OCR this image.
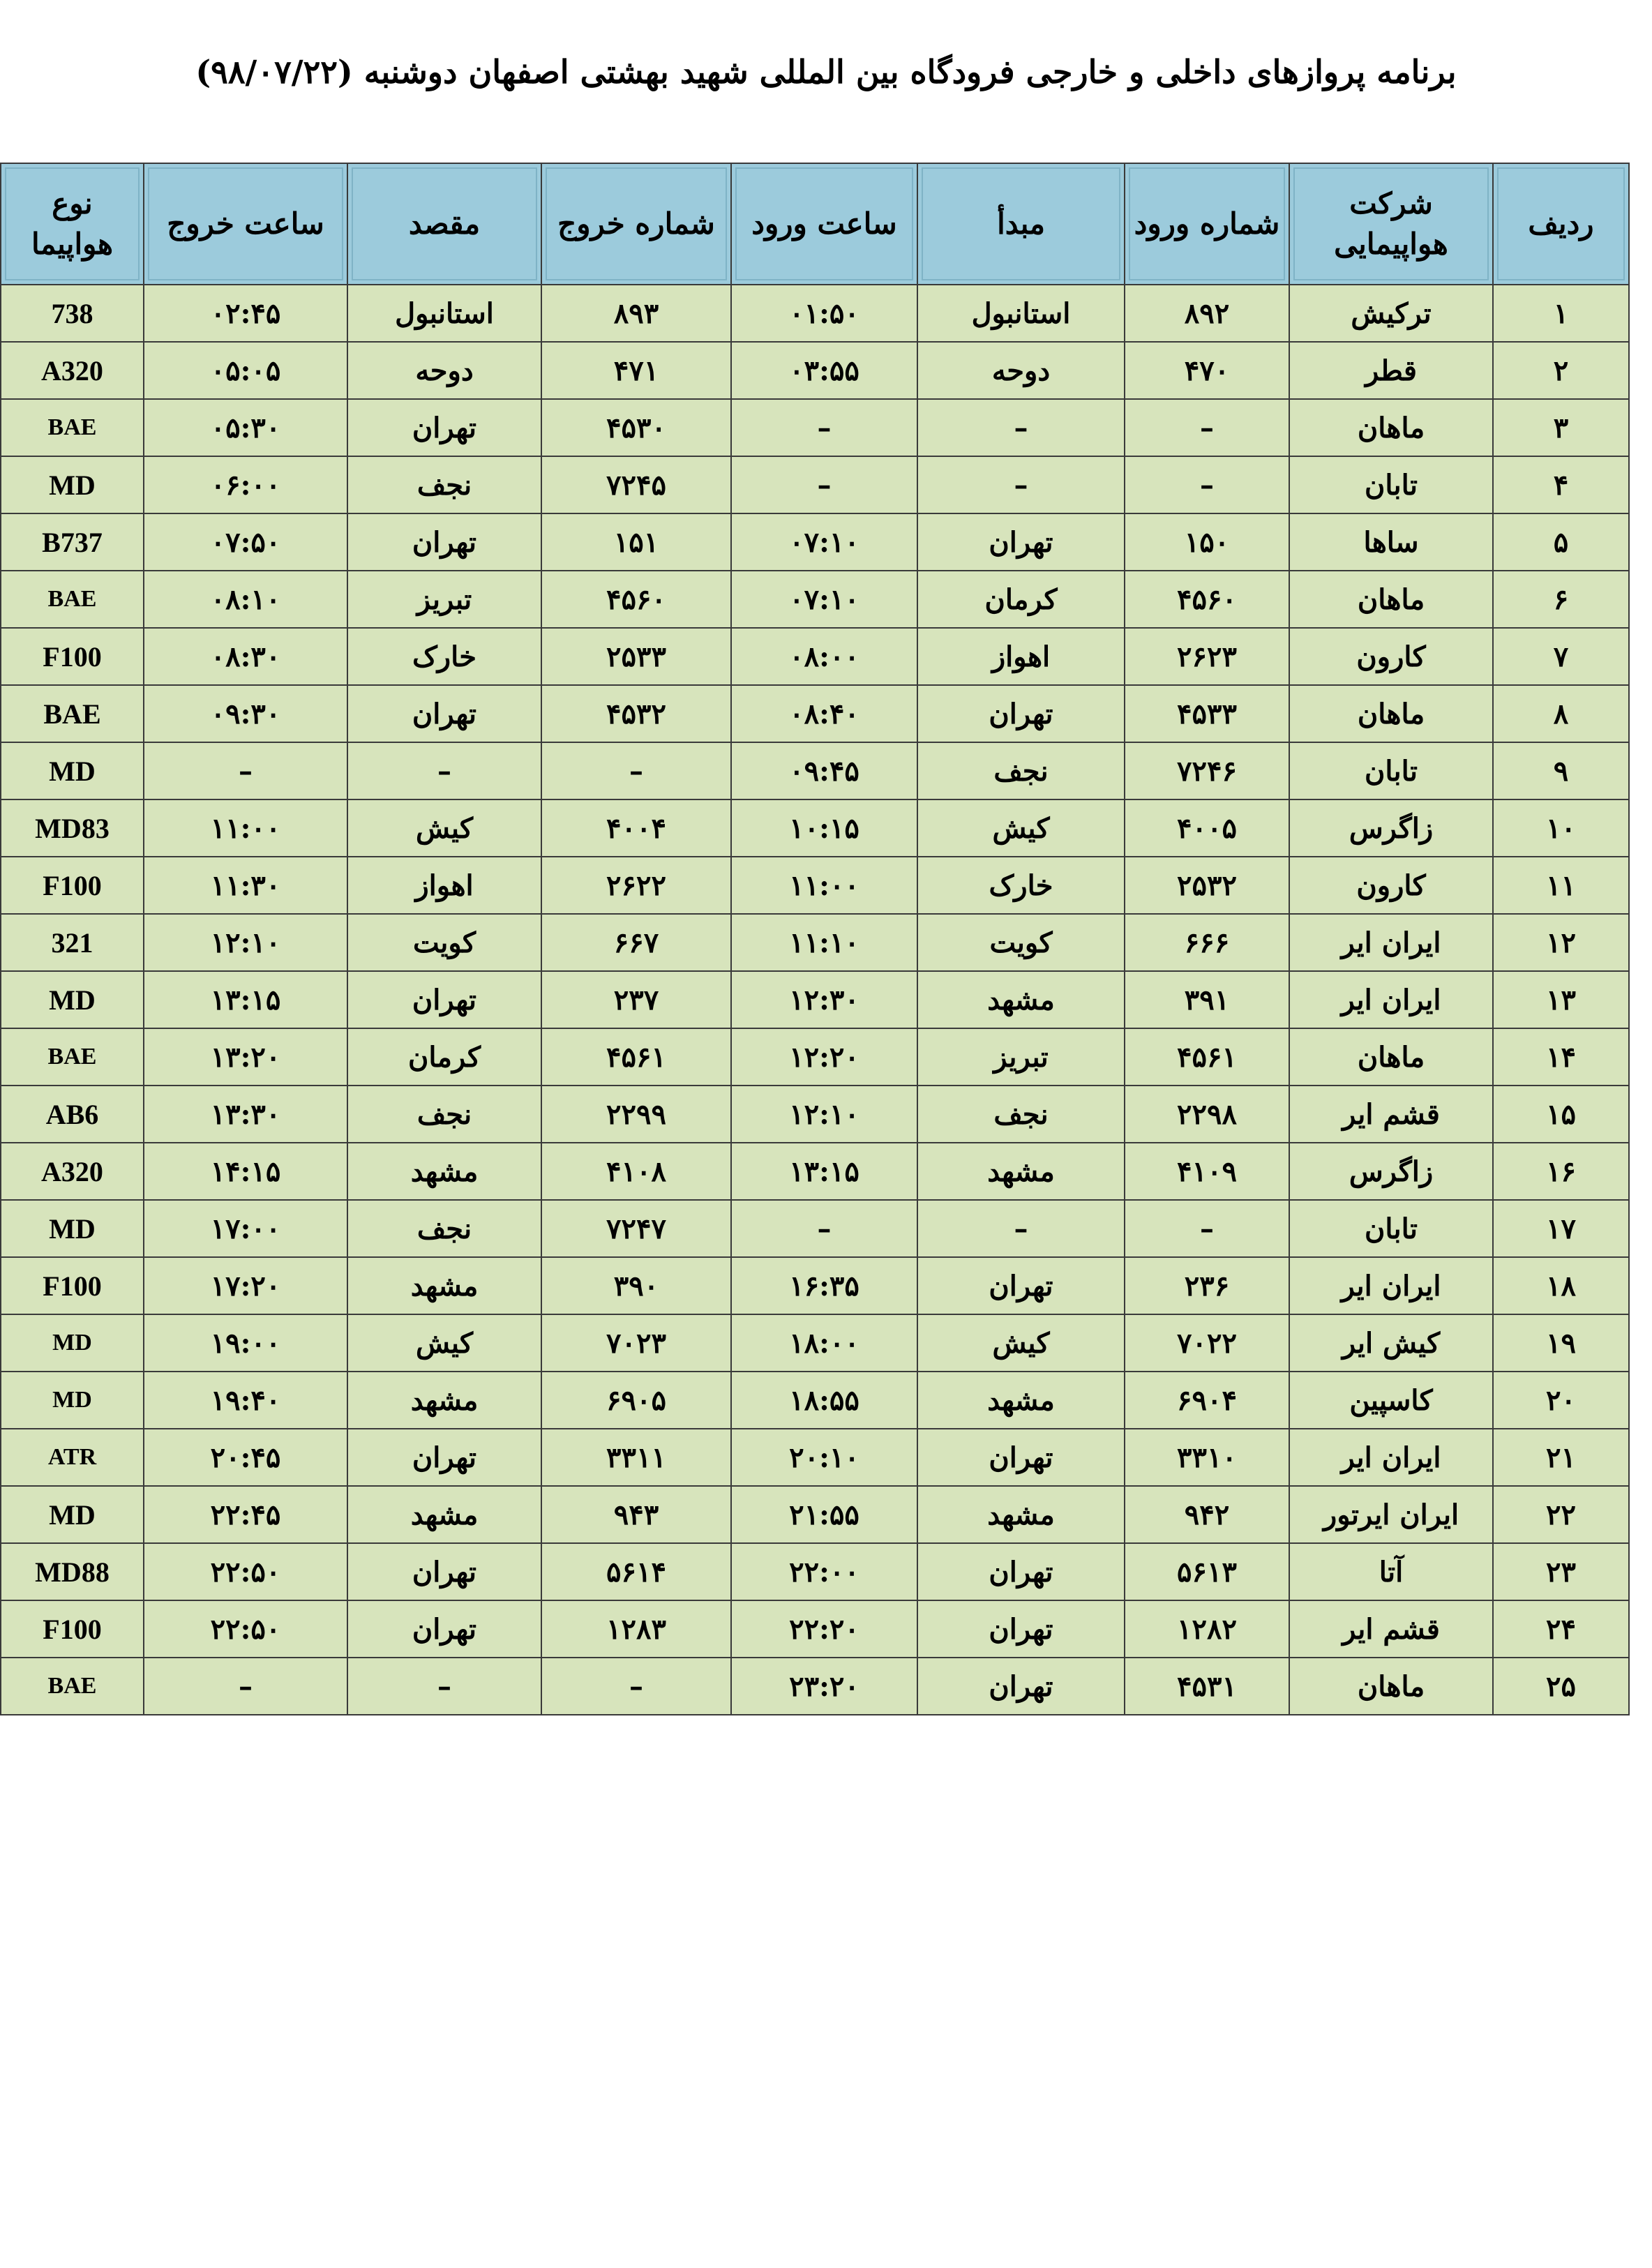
برنامه پروازهای داخلی و خارجی فرودگاه بین المللی شهید بهشتی اصفهان دوشنبه (۹۸/۰۷/۲۲)
ردیف	شرکت هواپیمایی	شماره ورود	مبدأ	ساعت ورود	شماره خروج	مقصد	ساعت خروج	نوع هواپیما

۱	ترکیش	۸۹۲	استانبول	۰۱:۵۰	۸۹۳	استانبول	۰۲:۴۵	738
۲	قطر	۴۷۰	دوحه	۰۳:۵۵	۴۷۱	دوحه	۰۵:۰۵	A320
۳	ماهان	–	–	–	۴۵۳۰	تهران	۰۵:۳۰	BAE
۴	تابان	–	–	–	۷۲۴۵	نجف	۰۶:۰۰	MD
۵	ساها	۱۵۰	تهران	۰۷:۱۰	۱۵۱	تهران	۰۷:۵۰	B737
۶	ماهان	۴۵۶۰	کرمان	۰۷:۱۰	۴۵۶۰	تبریز	۰۸:۱۰	BAE
۷	کارون	۲۶۲۳	اهواز	۰۸:۰۰	۲۵۳۳	خارک	۰۸:۳۰	F100
۸	ماهان	۴۵۳۳	تهران	۰۸:۴۰	۴۵۳۲	تهران	۰۹:۳۰	BAE
۹	تابان	۷۲۴۶	نجف	۰۹:۴۵	–	–	–	MD
۱۰	زاگرس	۴۰۰۵	کیش	۱۰:۱۵	۴۰۰۴	کیش	۱۱:۰۰	MD83
۱۱	کارون	۲۵۳۲	خارک	۱۱:۰۰	۲۶۲۲	اهواز	۱۱:۳۰	F100
۱۲	ایران ایر	۶۶۶	کویت	۱۱:۱۰	۶۶۷	کویت	۱۲:۱۰	321
۱۳	ایران ایر	۳۹۱	مشهد	۱۲:۳۰	۲۳۷	تهران	۱۳:۱۵	MD
۱۴	ماهان	۴۵۶۱	تبریز	۱۲:۲۰	۴۵۶۱	کرمان	۱۳:۲۰	BAE
۱۵	قشم ایر	۲۲۹۸	نجف	۱۲:۱۰	۲۲۹۹	نجف	۱۳:۳۰	AB6
۱۶	زاگرس	۴۱۰۹	مشهد	۱۳:۱۵	۴۱۰۸	مشهد	۱۴:۱۵	A320
۱۷	تابان	–	–	–	۷۲۴۷	نجف	۱۷:۰۰	MD
۱۸	ایران ایر	۲۳۶	تهران	۱۶:۳۵	۳۹۰	مشهد	۱۷:۲۰	F100
۱۹	کیش ایر	۷۰۲۲	کیش	۱۸:۰۰	۷۰۲۳	کیش	۱۹:۰۰	MD
۲۰	کاسپین	۶۹۰۴	مشهد	۱۸:۵۵	۶۹۰۵	مشهد	۱۹:۴۰	MD
۲۱	ایران ایر	۳۳۱۰	تهران	۲۰:۱۰	۳۳۱۱	تهران	۲۰:۴۵	ATR
۲۲	ایران ایرتور	۹۴۲	مشهد	۲۱:۵۵	۹۴۳	مشهد	۲۲:۴۵	MD
۲۳	آتا	۵۶۱۳	تهران	۲۲:۰۰	۵۶۱۴	تهران	۲۲:۵۰	MD88
۲۴	قشم ایر	۱۲۸۲	تهران	۲۲:۲۰	۱۲۸۳	تهران	۲۲:۵۰	F100
۲۵	ماهان	۴۵۳۱	تهران	۲۳:۲۰	–	–	–	BAE
